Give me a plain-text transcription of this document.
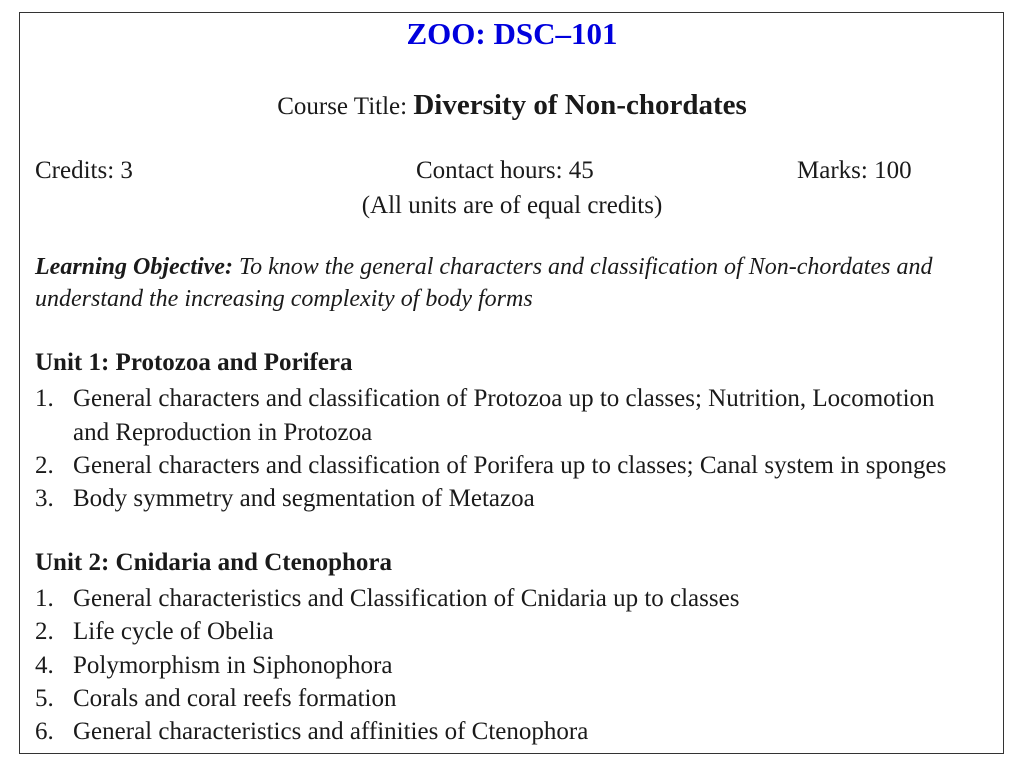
ZOO: DSC–101
Course Title: Diversity of Non-chordates
Credits: 3	Contact hours: 45	Marks: 100
(All units are of equal credits)
Learning Objective: To know the general characters and classification of Non-chordates and
understand the increasing complexity of body forms
Unit 1: Protozoa and Porifera
1. General characters and classification of Protozoa up to classes; Nutrition, Locomotion
and Reproduction in Protozoa
2. General characters and classification of Porifera up to classes; Canal system in sponges
3. Body symmetry and segmentation of Metazoa
Unit 2: Cnidaria and Ctenophora
1. General characteristics and Classification of Cnidaria up to classes
2. Life cycle of Obelia
4. Polymorphism in Siphonophora
5. Corals and coral reefs formation
6. General characteristics and affinities of Ctenophora
